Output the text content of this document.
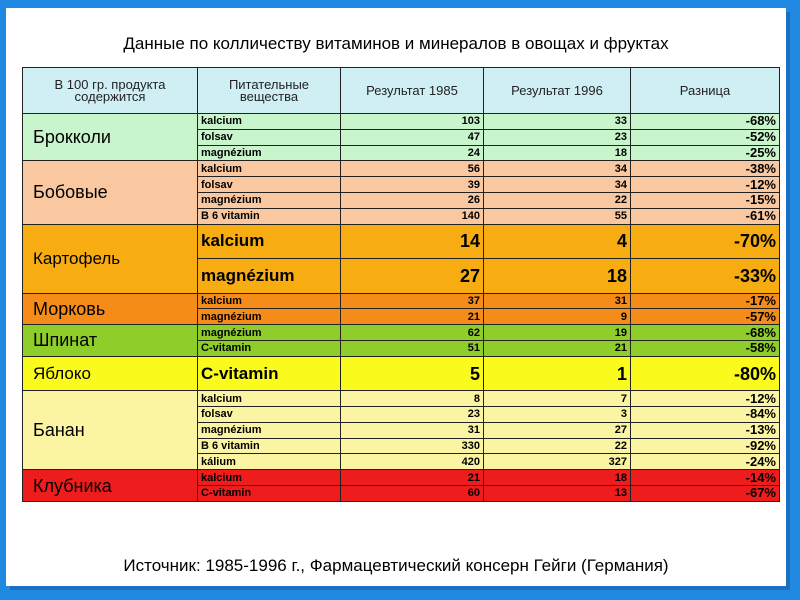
Данные по колличеству витаминов и минералов в овощах и фруктах
В 100 гр. продукта содержится	Питательные вещества	Результат 1985	Результат 1996	Разница
Брокколи	kalcium	103	33	-68%
	folsav	47	23	-52%
	magnézium	24	18	-25%
Бобовые	kalcium	56	34	-38%
	folsav	39	34	-12%
	magnézium	26	22	-15%
	B 6 vitamin	140	55	-61%
Картофель	kalcium	14	4	-70%
	magnézium	27	18	-33%
Морковь	kalcium	37	31	-17%
	magnézium	21	9	-57%
Шпинат	magnézium	62	19	-68%
	C-vitamin	51	21	-58%
Яблоко	C-vitamin	5	1	-80%
Банан	kalcium	8	7	-12%
	folsav	23	3	-84%
	magnézium	31	27	-13%
	B 6 vitamin	330	22	-92%
	kálium	420	327	-24%
Клубника	kalcium	21	18	-14%
	C-vitamin	60	13	-67%
Источник: 1985-1996 г., Фармацевтический консерн Гейги (Германия)
